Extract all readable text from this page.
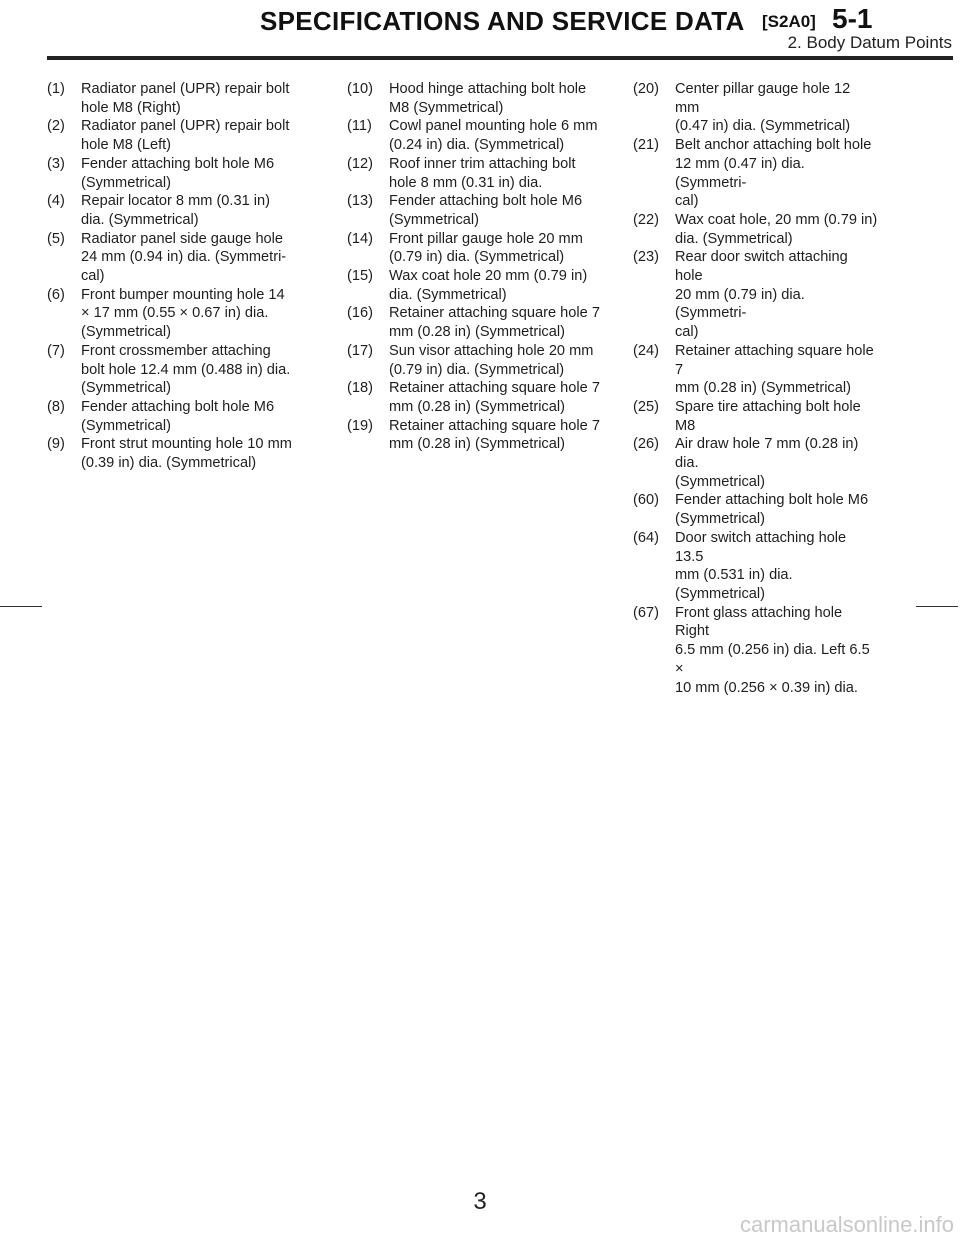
SPECIFICATIONS AND SERVICE DATA [S2A0] 5-1
2. Body Datum Points
(1)	Radiator panel (UPR) repair bolt
hole M8 (Right)
(2)	Radiator panel (UPR) repair bolt
hole M8 (Left)
(3)	Fender attaching bolt hole M6
(Symmetrical)
(4)	Repair locator 8 mm (0.31 in)
dia. (Symmetrical)
(5)	Radiator panel side gauge hole
24 mm (0.94 in) dia. (Symmetri-
cal)
(6)	Front bumper mounting hole 14
× 17 mm (0.55 × 0.67 in) dia.
(Symmetrical)
(7)	Front crossmember attaching
bolt hole 12.4 mm (0.488 in) dia.
(Symmetrical)
(8)	Fender attaching bolt hole M6
(Symmetrical)
(9)	Front strut mounting hole 10 mm
(0.39 in) dia. (Symmetrical)
(10)	Hood hinge attaching bolt hole
M8 (Symmetrical)
(11)	Cowl panel mounting hole 6 mm
(0.24 in) dia. (Symmetrical)
(12)	Roof inner trim attaching bolt
hole 8 mm (0.31 in) dia.
(13)	Fender attaching bolt hole M6
(Symmetrical)
(14)	Front pillar gauge hole 20 mm
(0.79 in) dia. (Symmetrical)
(15)	Wax coat hole 20 mm (0.79 in)
dia. (Symmetrical)
(16)	Retainer attaching square hole 7
mm (0.28 in) (Symmetrical)
(17)	Sun visor attaching hole 20 mm
(0.79 in) dia. (Symmetrical)
(18)	Retainer attaching square hole 7
mm (0.28 in) (Symmetrical)
(19)	Retainer attaching square hole 7
mm (0.28 in) (Symmetrical)
(20)	Center pillar gauge hole 12 mm
(0.47 in) dia. (Symmetrical)
(21)	Belt anchor attaching bolt hole
12 mm (0.47 in) dia. (Symmetri-
cal)
(22)	Wax coat hole, 20 mm (0.79 in)
dia. (Symmetrical)
(23)	Rear door switch attaching hole
20 mm (0.79 in) dia. (Symmetri-
cal)
(24)	Retainer attaching square hole 7
mm (0.28 in) (Symmetrical)
(25)	Spare tire attaching bolt hole M8
(26)	Air draw hole 7 mm (0.28 in) dia.
(Symmetrical)
(60)	Fender attaching bolt hole M6
(Symmetrical)
(64)	Door switch attaching hole 13.5
mm (0.531 in) dia. (Symmetrical)
(67)	Front glass attaching hole Right
6.5 mm (0.256 in) dia. Left 6.5 ×
10 mm (0.256 × 0.39 in) dia.
3
carmanualsonline.info
